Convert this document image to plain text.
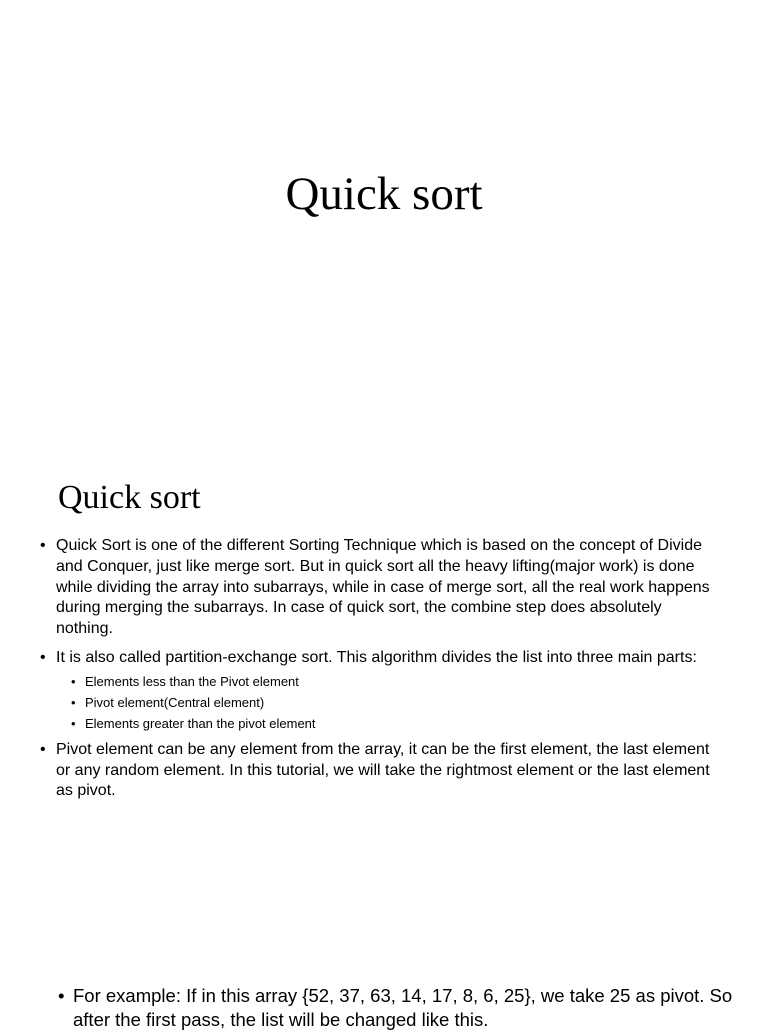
Quick sort
Quick sort
• Quick Sort is one of the different Sorting Technique which is based on the concept of Divide and Conquer, just like merge sort. But in quick sort all the heavy lifting(major work) is done while dividing the array into subarrays, while in case of merge sort, all the real work happens during merging the subarrays. In case of quick sort, the combine step does absolutely nothing.
• It is also called partition-exchange sort. This algorithm divides the list into three main parts:
• Elements less than the Pivot element
• Pivot element(Central element)
• Elements greater than the pivot element
• Pivot element can be any element from the array, it can be the first element, the last element or any random element. In this tutorial, we will take the rightmost element or the last element as pivot.
• For example: If in this array {52, 37, 63, 14, 17, 8, 6, 25}, we take 25 as pivot. So after the first pass, the list will be changed like this.
